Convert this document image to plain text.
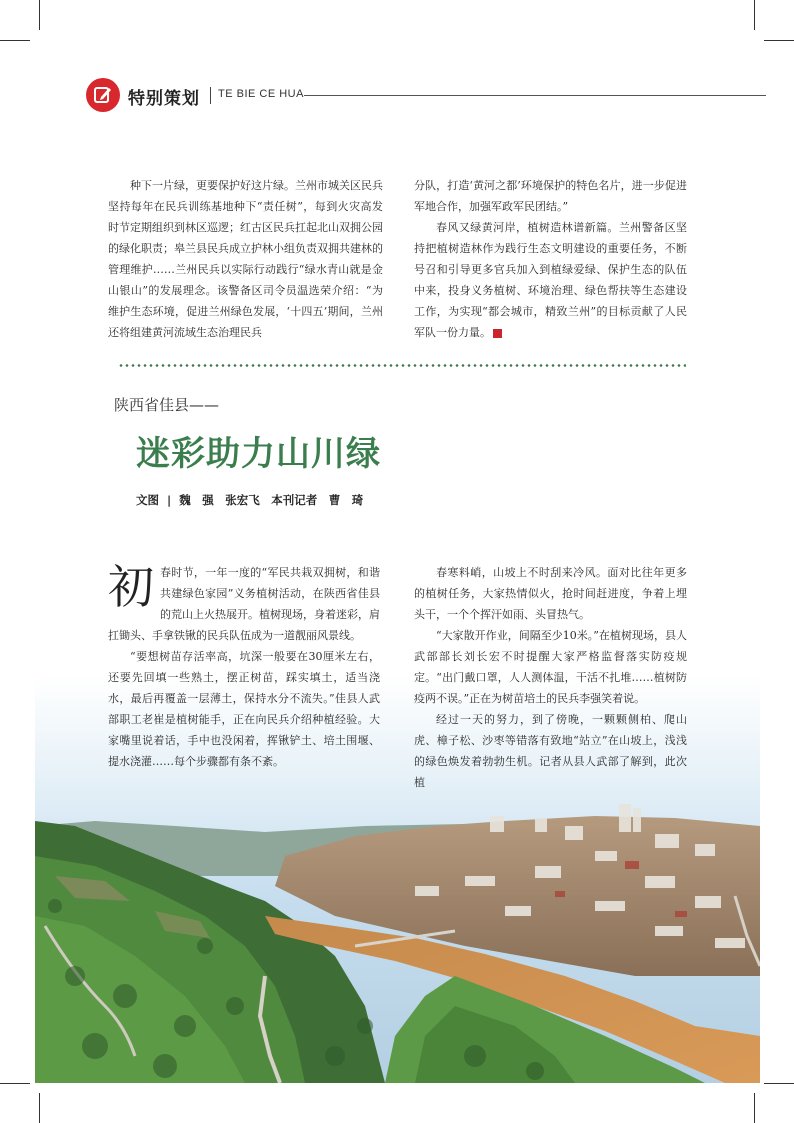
特别策划 TE BIE CE HUA

种下一片绿，更要保护好这片绿。兰州市城关区民兵坚持每年在民兵训练基地种下“责任树”，每到火灾高发时节定期组织到林区巡逻；红古区民兵扛起北山双拥公园的绿化职责；皋兰县民兵成立护林小组负责双拥共建林的管理维护……兰州民兵以实际行动践行“绿水青山就是金山银山”的发展理念。该警备区司令员温选荣介绍：“为维护生态环境，促进兰州绿色发展，‘十四五’期间，兰州还将组建黄河流域生态治理民兵

分队，打造‘黄河之都’环境保护的特色名片，进一步促进军地合作，加强军政军民团结。”

春风又绿黄河岸，植树造林谱新篇。兰州警备区坚持把植树造林作为践行生态文明建设的重要任务，不断号召和引导更多官兵加入到植绿爱绿、保护生态的队伍中来，投身义务植树、环境治理、绿色帮扶等生态建设工作，为实现“都会城市，精致兰州”的目标贡献了人民军队一份力量。	M

陕西省佳县——
迷彩助力山川绿
文图 | 魏　强　张宏飞　本刊记者　曹　琦

初春时节，一年一度的“军民共栽双拥树，和谐共建绿色家园”义务植树活动，在陕西省佳县的荒山上火热展开。植树现场，身着迷彩，肩扛锄头、手拿铁锹的民兵队伍成为一道靓丽风景线。

“要想树苗存活率高，坑深一般要在30厘米左右，还要先回填一些熟土，摆正树苗，踩实填土，适当浇水，最后再覆盖一层薄土，保持水分不流失。”佳县人武部职工老崔是植树能手，正在向民兵介绍种植经验。大家嘴里说着话，手中也没闲着，挥锹铲土、培土围堰、提水浇灌……每个步骤都有条不紊。

春寒料峭，山坡上不时刮来冷风。面对比往年更多的植树任务，大家热情似火，抢时间赶进度，争着上埋头干，一个个挥汗如雨、头冒热气。

“大家散开作业，间隔至少10米。”在植树现场，县人武部部长刘长宏不时提醒大家严格监督落实防疫规定。“出门戴口罩，人人测体温，干活不扎堆……植树防疫两不误。”正在为树苗培土的民兵李强笑着说。

经过一天的努力，到了傍晚，一颗颗侧柏、爬山虎、樟子松、沙枣等错落有致地“站立”在山坡上，浅浅的绿色焕发着勃勃生机。记者从县人武部了解到，此次植
